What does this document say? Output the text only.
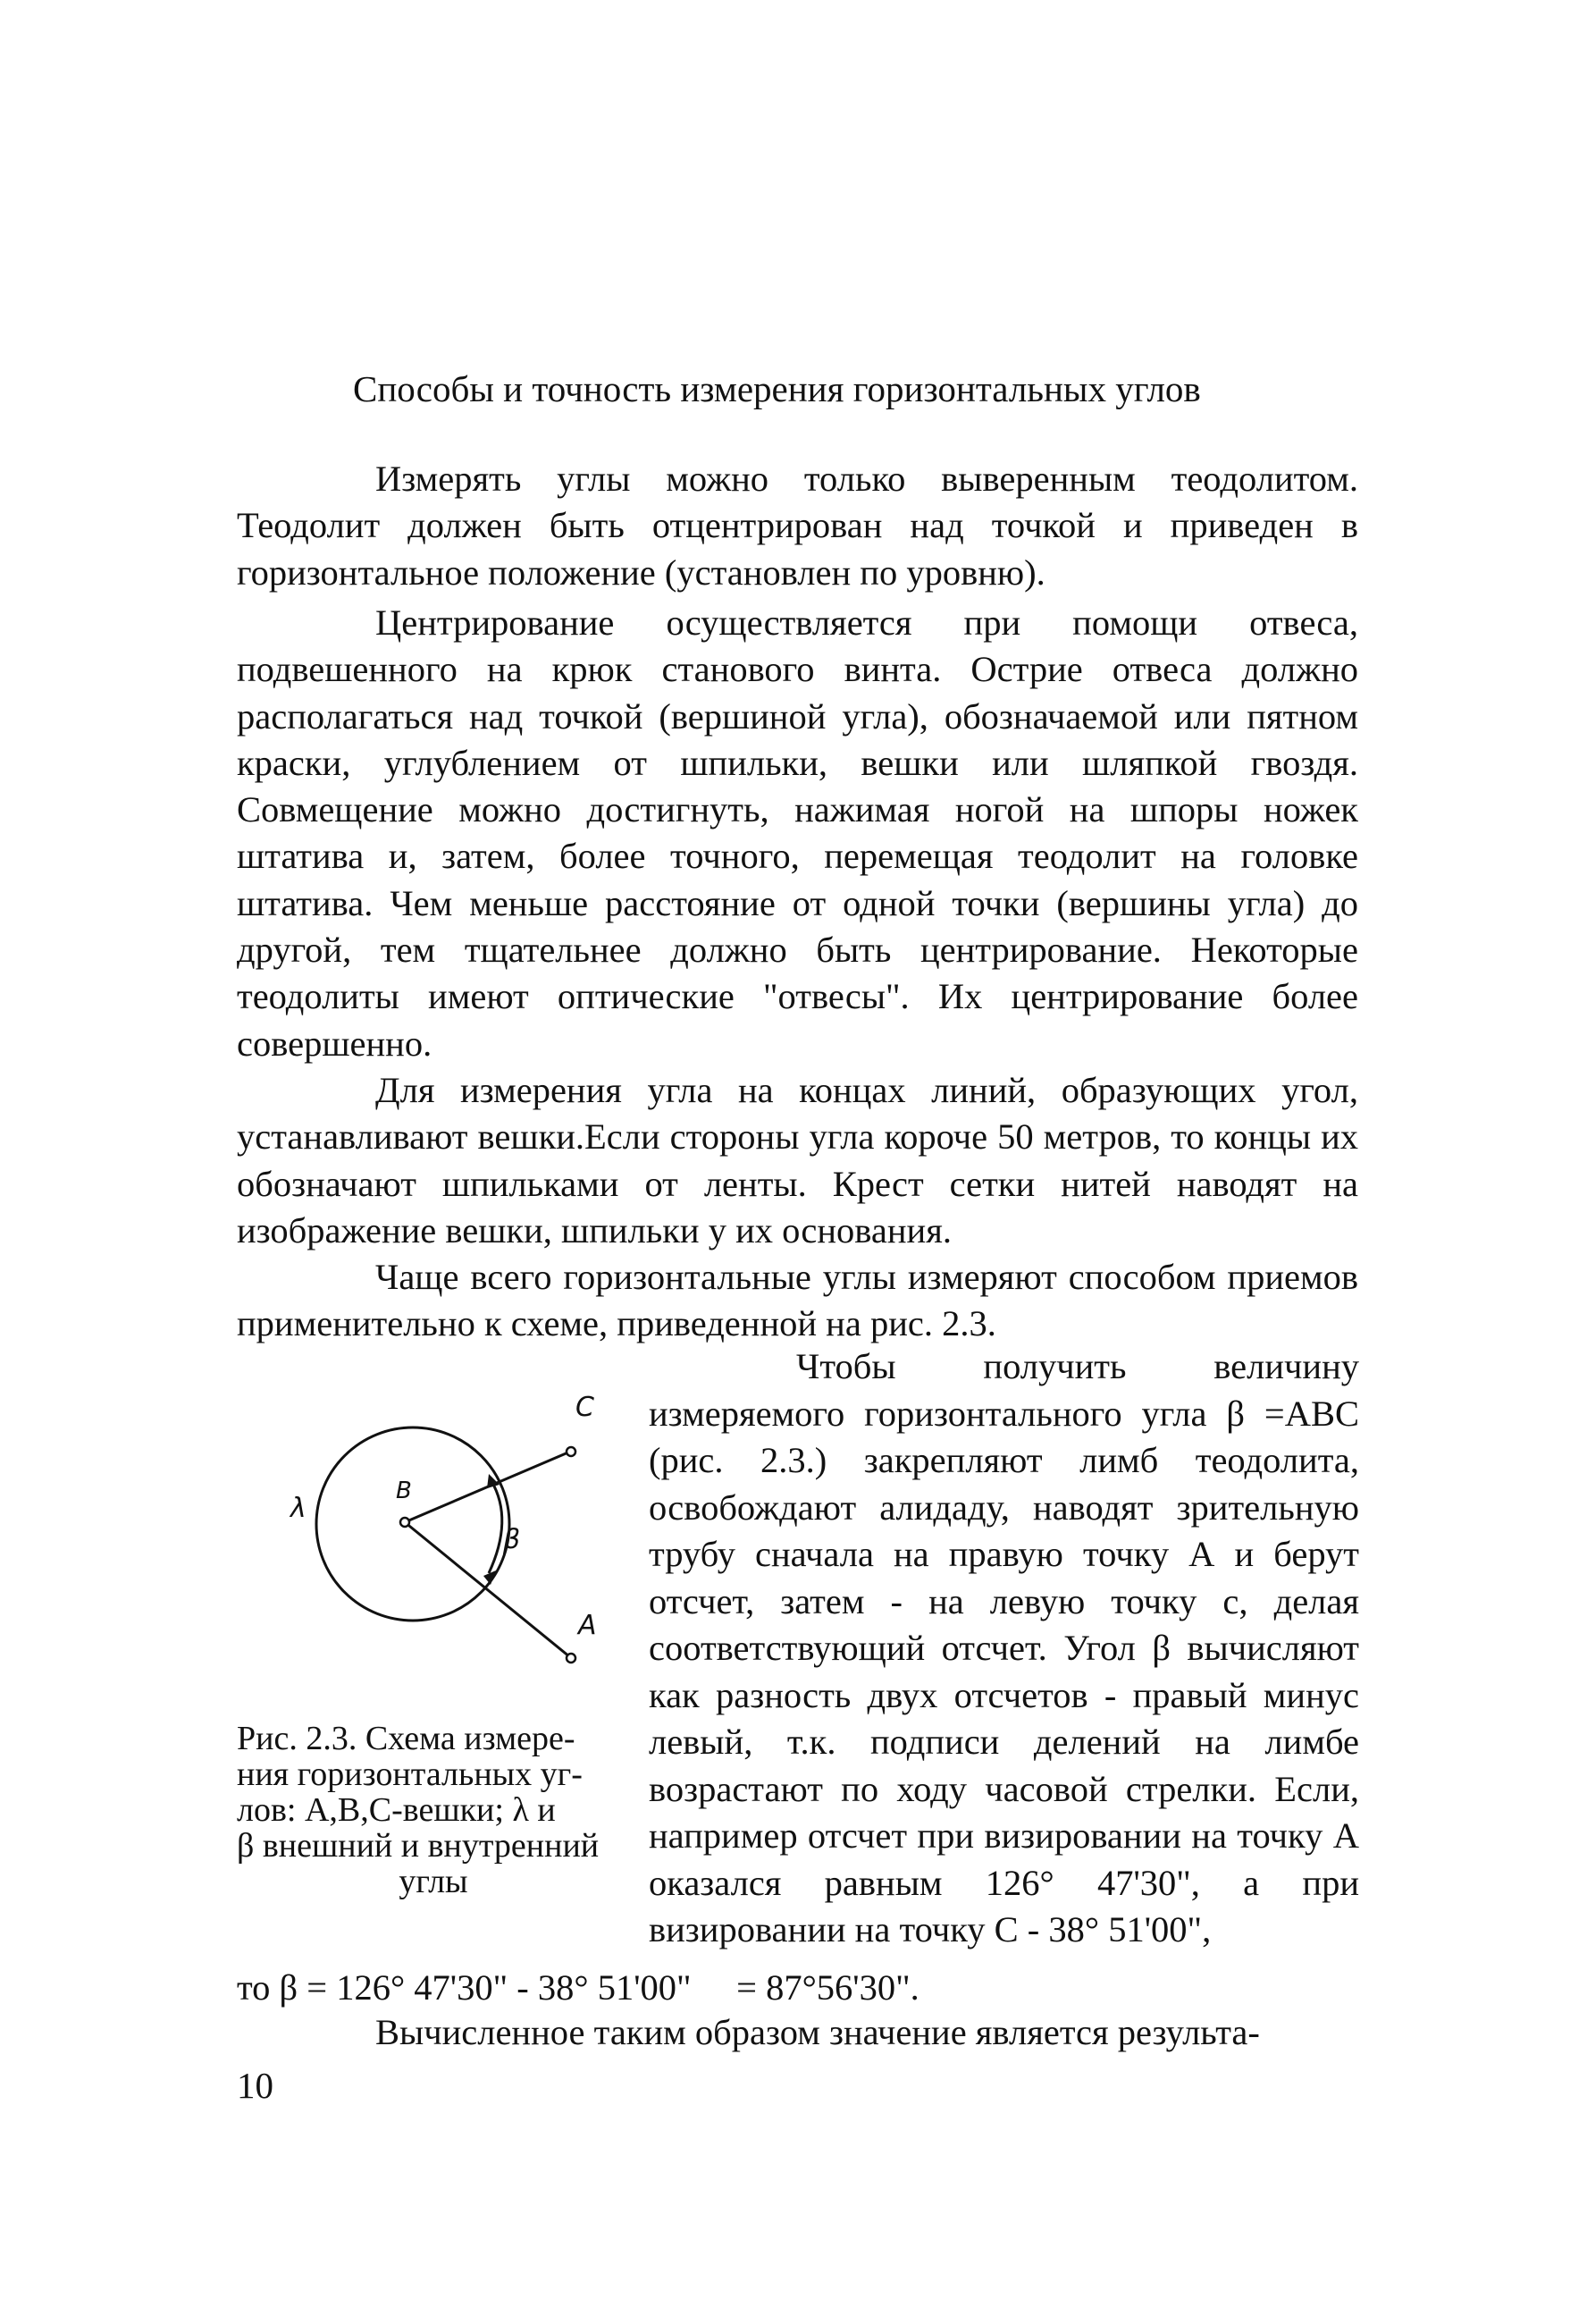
Способы и точность измерения горизонтальных углов

Измерять углы можно только выверенным теодолитом. Теодолит должен быть отцентрирован над точкой и приведен в горизонтальное положение (установлен по уровню).

Центрирование осуществляется при помощи отвеса, подвешенного на крюк станового винта. Острие отвеса должно располагаться над точкой (вершиной угла), обозначаемой или пятном краски, углублением от шпильки, вешки или шляпкой гвоздя. Совмещение можно достигнуть, нажимая ногой на шпоры ножек штатива и, затем, более точного, перемещая теодолит на головке штатива. Чем меньше расстояние от одной точки (вершины угла) до другой, тем тщательнее должно быть центрирование. Некоторые теодолиты имеют оптические "отвесы". Их центрирование более совершенно.

Для измерения угла на концах линий, образующих угол, устанавливают вешки.Если стороны угла короче 50 метров, то концы их обозначают шпильками от ленты. Крест сетки нитей наводят на изображение вешки, шпильки у их основания.

Чаще всего горизонтальные углы измеряют способом приемов применительно к схеме, приведенной на рис. 2.3.

C
B
A
λ
β
Рис. 2.3. Схема измере-
ния горизонтальных уг-
лов: А,В,С-вешки; λ и
β внешний и внутренний
углы

Чтобы получить величину измеряемого горизонтального угла β =АВС (рис. 2.3.) закрепляют лимб теодолита, освобождают алидаду, наводят зрительную трубу сначала на правую точку А и берут отсчет, затем - на левую точку с, делая соответствующий отсчет. Угол β вычисляют как разность двух отсчетов - правый минус левый, т.к. подписи делений на лимбе возрастают по ходу часовой стрелки. Если, например отсчет при визировании на точку А оказался равным 126° 47'30", а при визировании на точку С - 38° 51'00",

то β = 126° 47'30" - 38° 51'00"     = 87°56'30".
Вычисленное таким образом значение является результа-
10
